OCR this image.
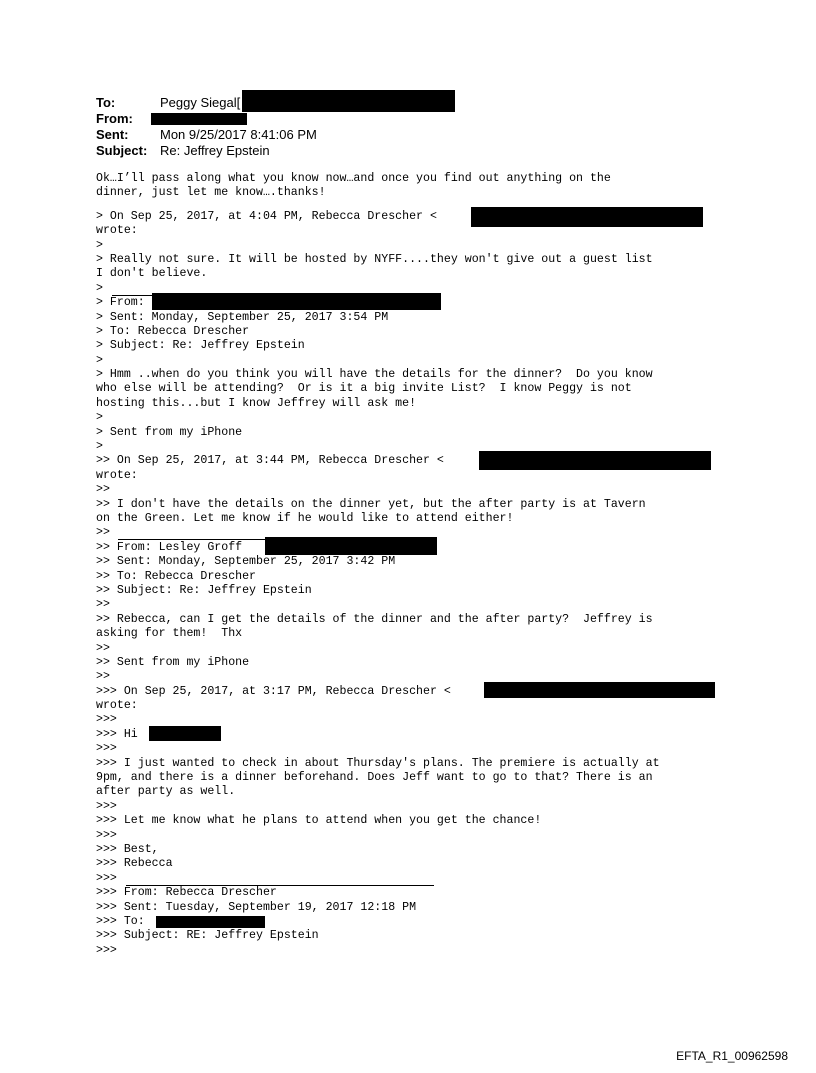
To:	Peggy Siegal[
From:
Sent: Mon 9/25/2017 8:41:06 PM
Subject: Re: Jeffrey Epstein
Ok…I’ll pass along what you know now…and once you find out anything on the
dinner, just let me know….thanks!
> On Sep 25, 2017, at 4:04 PM, Rebecca Drescher <
wrote:
>
> Really not sure. It will be hosted by NYFF....they won't give out a guest list
I don't believe.
>
> From:
> Sent: Monday, September 25, 2017 3:54 PM
> To: Rebecca Drescher
> Subject: Re: Jeffrey Epstein
>
> Hmm ..when do you think you will have the details for the dinner?  Do you know
who else will be attending?  Or is it a big invite List?  I know Peggy is not
hosting this...but I know Jeffrey will ask me!
>
> Sent from my iPhone
>
>> On Sep 25, 2017, at 3:44 PM, Rebecca Drescher <
wrote:
>>
>> I don't have the details on the dinner yet, but the after party is at Tavern
on the Green. Let me know if he would like to attend either!
>>
>> From: Lesley Groff
>> Sent: Monday, September 25, 2017 3:42 PM
>> To: Rebecca Drescher
>> Subject: Re: Jeffrey Epstein
>>
>> Rebecca, can I get the details of the dinner and the after party?  Jeffrey is
asking for them!  Thx
>>
>> Sent from my iPhone
>>
>>> On Sep 25, 2017, at 3:17 PM, Rebecca Drescher <
wrote:
>>>
>>> Hi
>>>
>>> I just wanted to check in about Thursday's plans. The premiere is actually at
9pm, and there is a dinner beforehand. Does Jeff want to go to that? There is an
after party as well.
>>>
>>> Let me know what he plans to attend when you get the chance!
>>>
>>> Best,
>>> Rebecca
>>>
>>> From: Rebecca Drescher
>>> Sent: Tuesday, September 19, 2017 12:18 PM
>>> To:
>>> Subject: RE: Jeffrey Epstein
>>>
EFTA_R1_00962598
